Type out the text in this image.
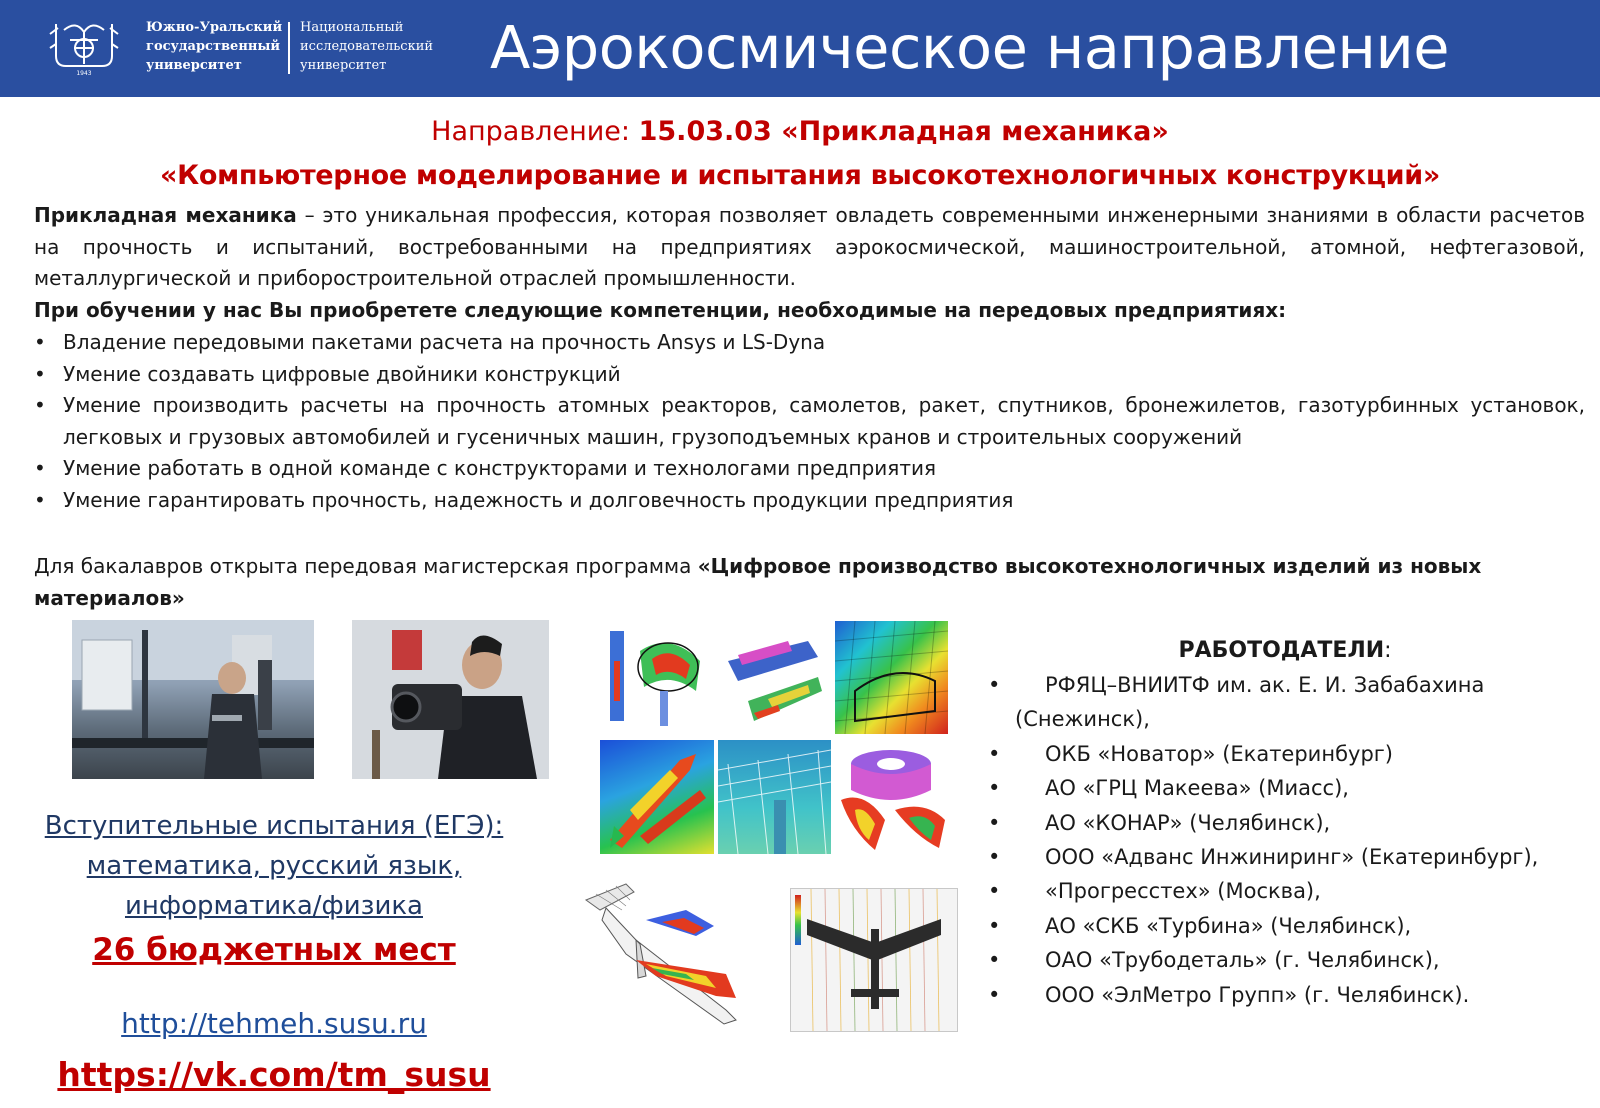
1943
Южно-Уральский
государственный
университет
Национальный
исследовательский
университет	Аэрокосмическое направление
Направление: 15.03.03 «Прикладная механика»
«Компьютерное моделирование и испытания высокотехнологичных конструкций»

Прикладная механика – это уникальная профессия, которая позволяет овладеть современными инженерными знаниями в области расчетов на прочность и испытаний, востребованными на предприятиях аэрокосмической, машиностроительной, атомной, нефтегазовой, металлургической и приборостроительной отраслей промышленности.

При обучении у нас Вы приобретете следующие компетенции, необходимые на передовых предприятиях:
• Владение передовыми пакетами расчета на прочность Ansys и LS-Dyna
• Умение создавать цифровые двойники конструкций
• Умение производить расчеты на прочность атомных реакторов, самолетов, ракет, спутников, бронежилетов, газотурбинных установок, легковых и грузовых автомобилей и гусеничных машин, грузоподъемных кранов и строительных сооружений
• Умение работать в одной команде с конструкторами и технологами предприятия
• Умение гарантировать прочность, надежность и долговечность продукции предприятия

Для бакалавров открыта передовая магистерская программа «Цифровое производство высокотехнологичных изделий из новых материалов»

Вступительные испытания (ЕГЭ):
математика, русский язык,
информатика/физика
26 бюджетных мест
http://tehmeh.susu.ru
https://vk.com/tm_susu
РАБОТОДАТЕЛИ:
• РФЯЦ–ВНИИТФ им. ак. Е. И. Забабахина (Снежинск),
• ОКБ «Новатор» (Екатеринбург)
• АО «ГРЦ Макеева» (Миасс),
• АО «КОНАР» (Челябинск),
• ООО «Адванс Инжиниринг» (Екатеринбург),
• «Прогресстех» (Москва),
• АО «СКБ «Турбина» (Челябинск),
• ОАО «Трубодеталь» (г. Челябинск),
• ООО «ЭлМетро Групп» (г. Челябинск).
